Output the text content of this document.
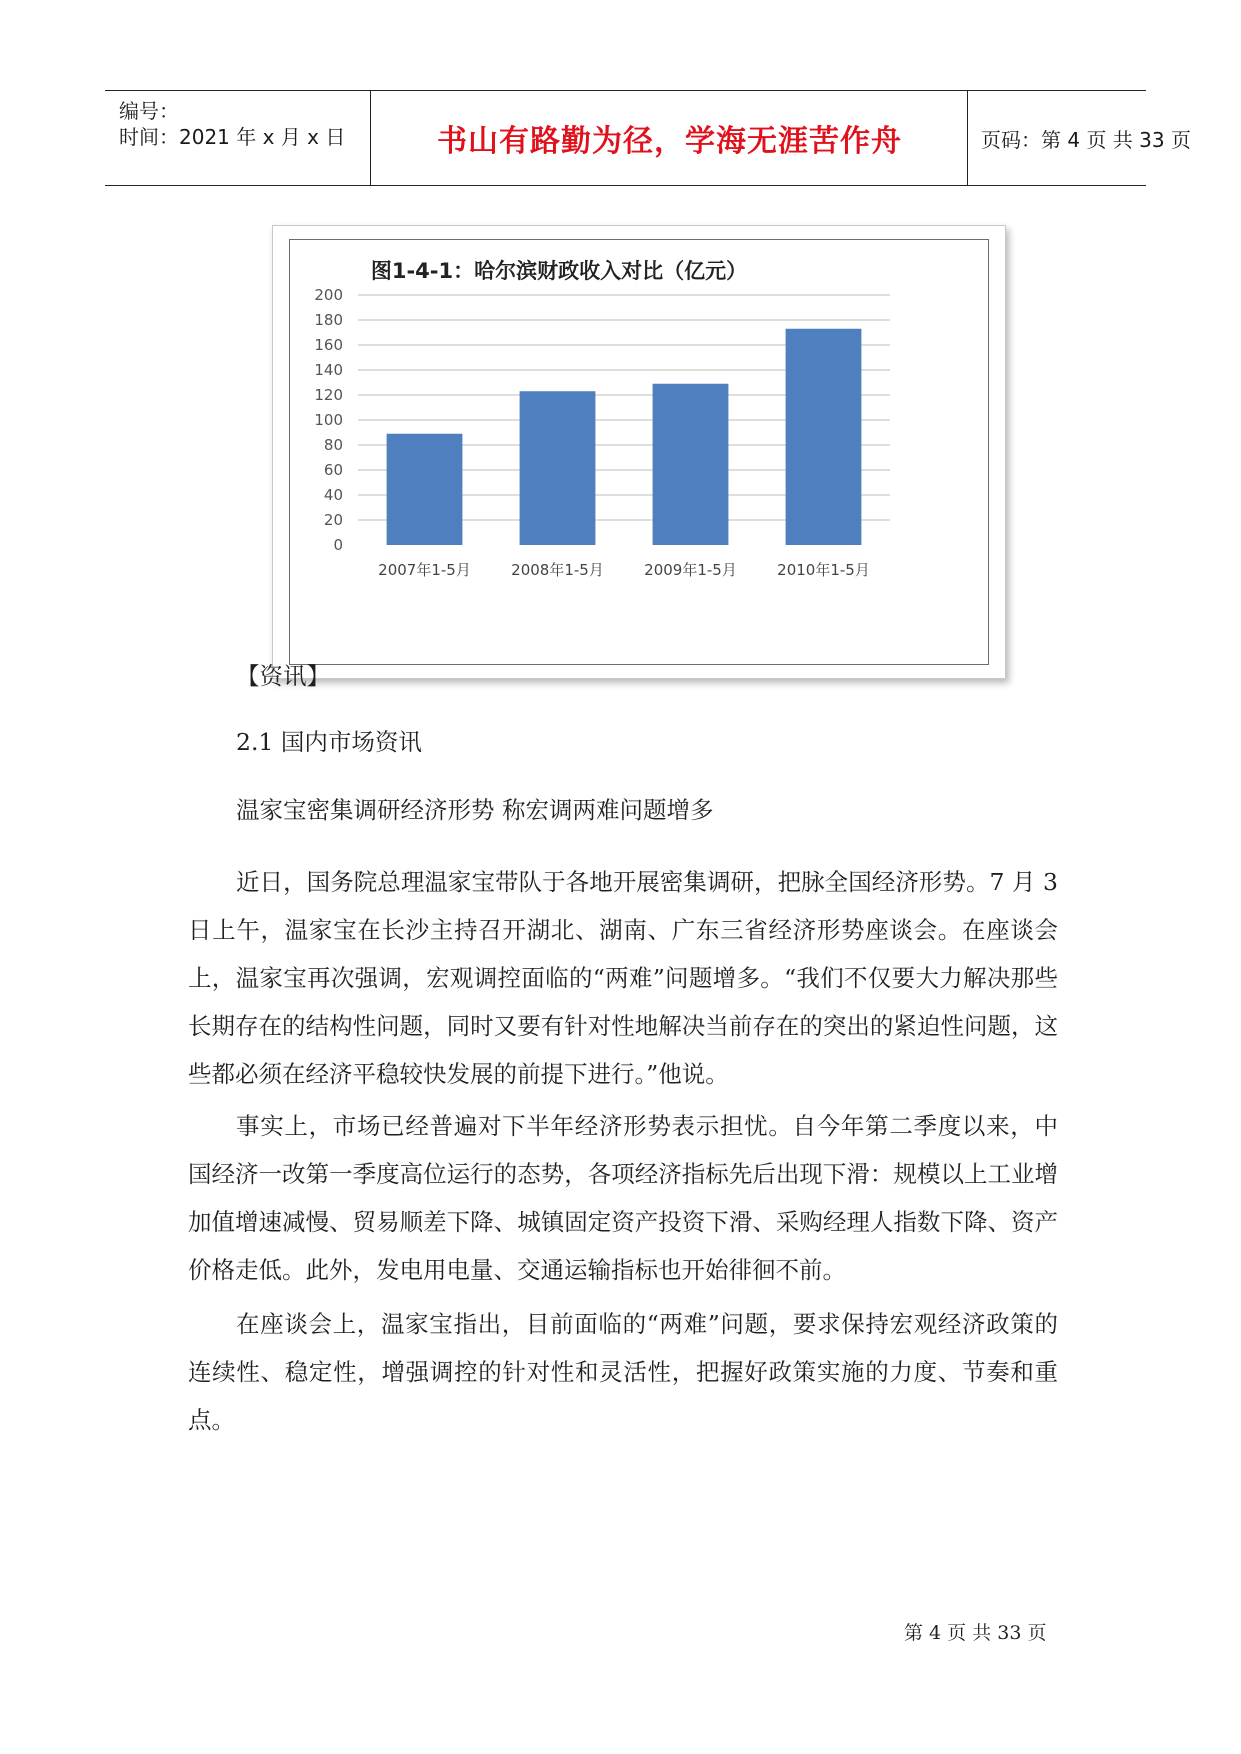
编号：
时间：2021 年 x 月 x 日	书山有路勤为径，学海无涯苦作舟	页码：第 4 页 共 33 页
图1-4-1：哈尔滨财政收入对比（亿元）
0
20
40
60
80
100
120
140
160
180
200
2007年1-5月	2008年1-5月	2009年1-5月	2010年1-5月
【资讯】
2.1 国内市场资讯
温家宝密集调研经济形势 称宏调两难问题增多
近日，国务院总理温家宝带队于各地开展密集调研，把脉全国经济形势。7 月 3 日上午，温家宝在长沙主持召开湖北、湖南、广东三省经济形势座谈会。在座谈会上，温家宝再次强调，宏观调控面临的“两难”问题增多。“我们不仅要大力解决那些长期存在的结构性问题，同时又要有针对性地解决当前存在的突出的紧迫性问题，这些都必须在经济平稳较快发展的前提下进行。”他说。
事实上，市场已经普遍对下半年经济形势表示担忧。自今年第二季度以来，中国经济一改第一季度高位运行的态势，各项经济指标先后出现下滑：规模以上工业增加值增速减慢、贸易顺差下降、城镇固定资产投资下滑、采购经理人指数下降、资产价格走低。此外，发电用电量、交通运输指标也开始徘徊不前。
在座谈会上，温家宝指出，目前面临的“两难”问题，要求保持宏观经济政策的连续性、稳定性，增强调控的针对性和灵活性，把握好政策实施的力度、节奏和重点。
第 4 页 共 33 页
